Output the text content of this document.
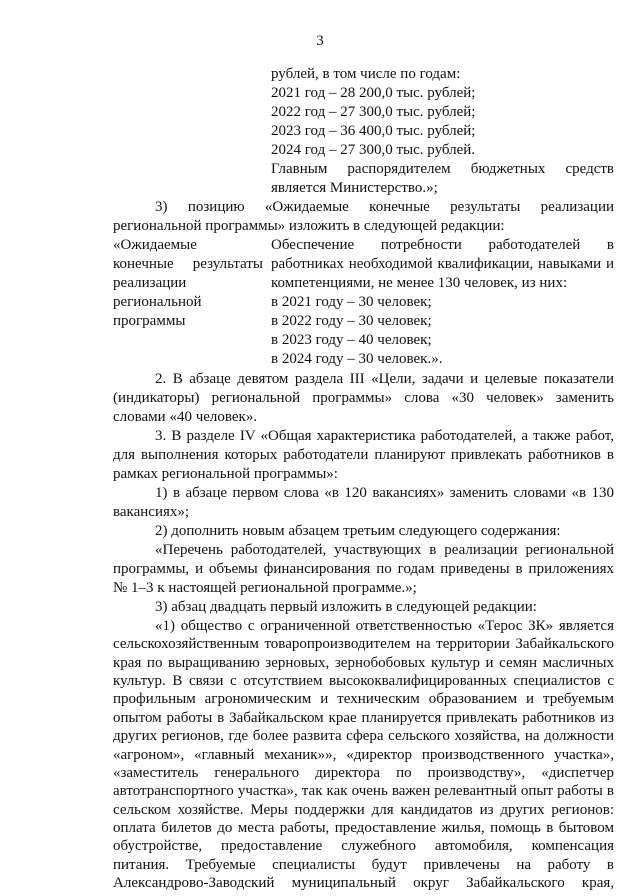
3
рублей, в том числе по годам:
2021 год – 28 200,0 тыс. рублей;
2022 год – 27 300,0 тыс. рублей;
2023 год – 36 400,0 тыс. рублей;
2024 год – 27 300,0 тыс. рублей.
Главным распорядителем бюджетных средств
является Министерство.»;
3) позицию «Ожидаемые конечные результаты реализации
региональной программы» изложить в следующей редакции:
«Ожидаемые
конечные результаты
реализации
региональной
программы
Обеспечение потребности работодателей в
работниках необходимой квалификации, навыками и
компетенциями, не менее 130 человек, из них:
в 2021 году – 30 человек;
в 2022 году – 30 человек;
в 2023 году – 40 человек;
в 2024 году – 30 человек.».
2. В абзаце девятом раздела III «Цели, задачи и целевые показатели
(индикаторы) региональной программы» слова «30 человек» заменить
словами «40 человек».
3. В разделе IV «Общая характеристика работодателей, а также работ,
для выполнения которых работодатели планируют привлекать работников в
рамках региональной программы»:
1) в абзаце первом слова «в 120 вакансиях» заменить словами «в 130
вакансиях»;
2) дополнить новым абзацем третьим следующего содержания:
«Перечень работодателей, участвующих в реализации региональной
программы, и объемы финансирования по годам приведены в приложениях
№ 1–3 к настоящей региональной программе.»;
3) абзац двадцать первый изложить в следующей редакции:
«1) общество с ограниченной ответственностью «Терос ЗК» является
сельскохозяйственным товаропроизводителем на территории Забайкальского
края по выращиванию зерновых, зернобобовых культур и семян масличных
культур. В связи с отсутствием высококвалифицированных специалистов с
профильным агрономическим и техническим образованием и требуемым
опытом работы в Забайкальском крае планируется привлекать работников из
других регионов, где более развита сфера сельского хозяйства, на должности
«агроном», «главный механик»», «директор производственного участка»,
«заместитель генерального директора по производству», «диспетчер
автотранспортного участка», так как очень важен релевантный опыт работы в
сельском хозяйстве. Меры поддержки для кандидатов из других регионов:
оплата билетов до места работы, предоставление жилья, помощь в бытовом
обустройстве, предоставление служебного автомобиля, компенсация
питания. Требуемые специалисты будут привлечены на работу в
Александрово-Заводский муниципальный округ Забайкальского края,
